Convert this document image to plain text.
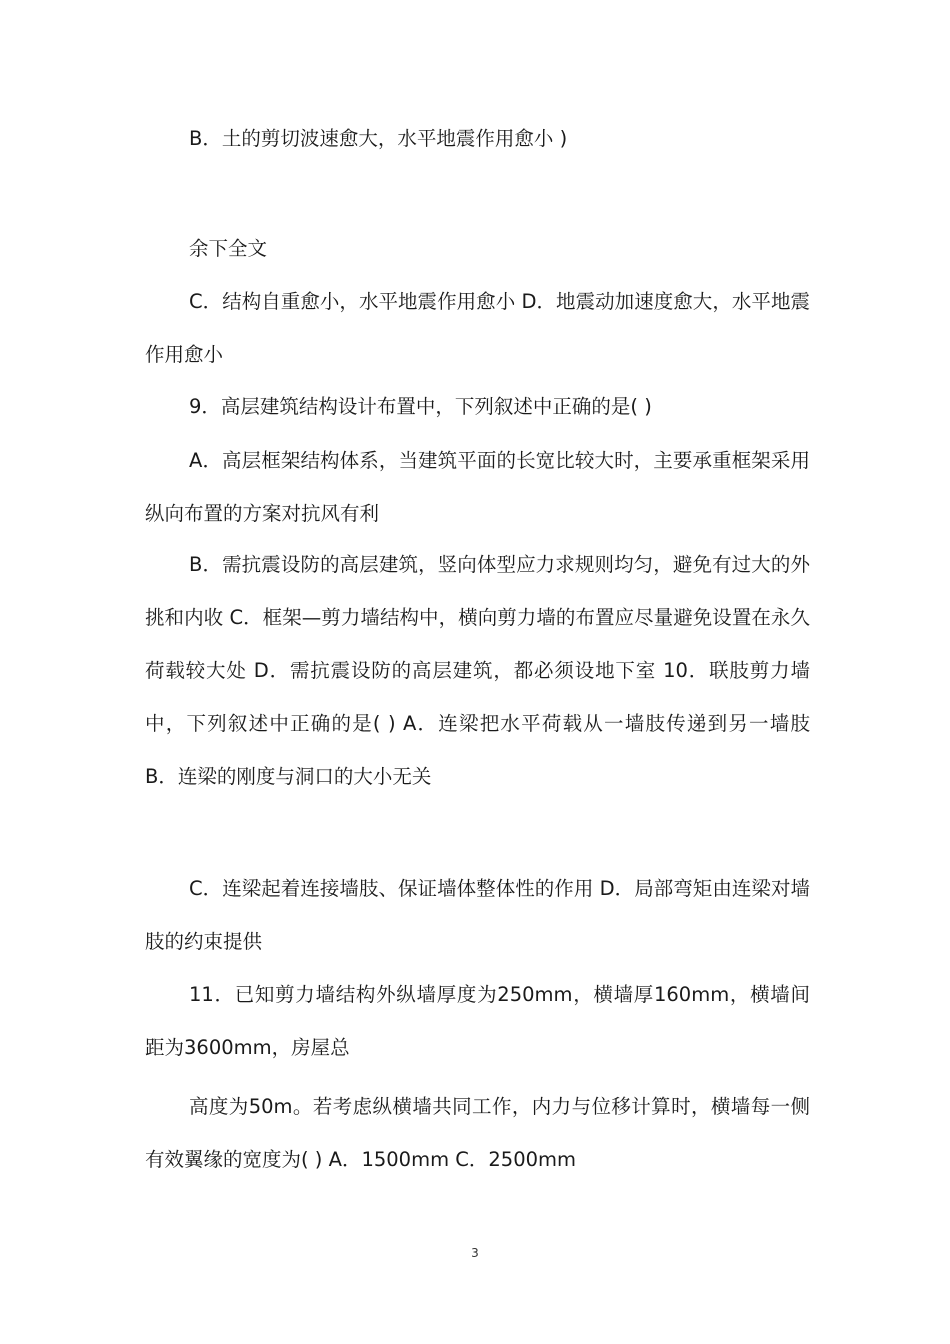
B．土的剪切波速愈大，水平地震作用愈小 )

余下全文

C．结构自重愈小，水平地震作用愈小 D．地震动加速度愈大，水平地震作用愈小

9．高层建筑结构设计布置中，下列叙述中正确的是( )

A．高层框架结构体系，当建筑平面的长宽比较大时，主要承重框架采用纵向布置的方案对抗风有利

B．需抗震设防的高层建筑，竖向体型应力求规则均匀，避免有过大的外挑和内收 C．框架—剪力墙结构中，横向剪力墙的布置应尽量避免设置在永久荷载较大处 D．需抗震设防的高层建筑，都必须设地下室 10．联肢剪力墙中，下列叙述中正确的是( ) A．连梁把水平荷载从一墙肢传递到另一墙肢 B．连梁的刚度与洞口的大小无关

C．连梁起着连接墙肢、保证墙体整体性的作用 D．局部弯矩由连梁对墙肢的约束提供

11．已知剪力墙结构外纵墙厚度为250mm，横墙厚160mm，横墙间距为3600mm，房屋总

高度为50m。若考虑纵横墙共同工作，内力与位移计算时，横墙每一侧有效翼缘的宽度为( ) A．1500mm C．2500mm

3
